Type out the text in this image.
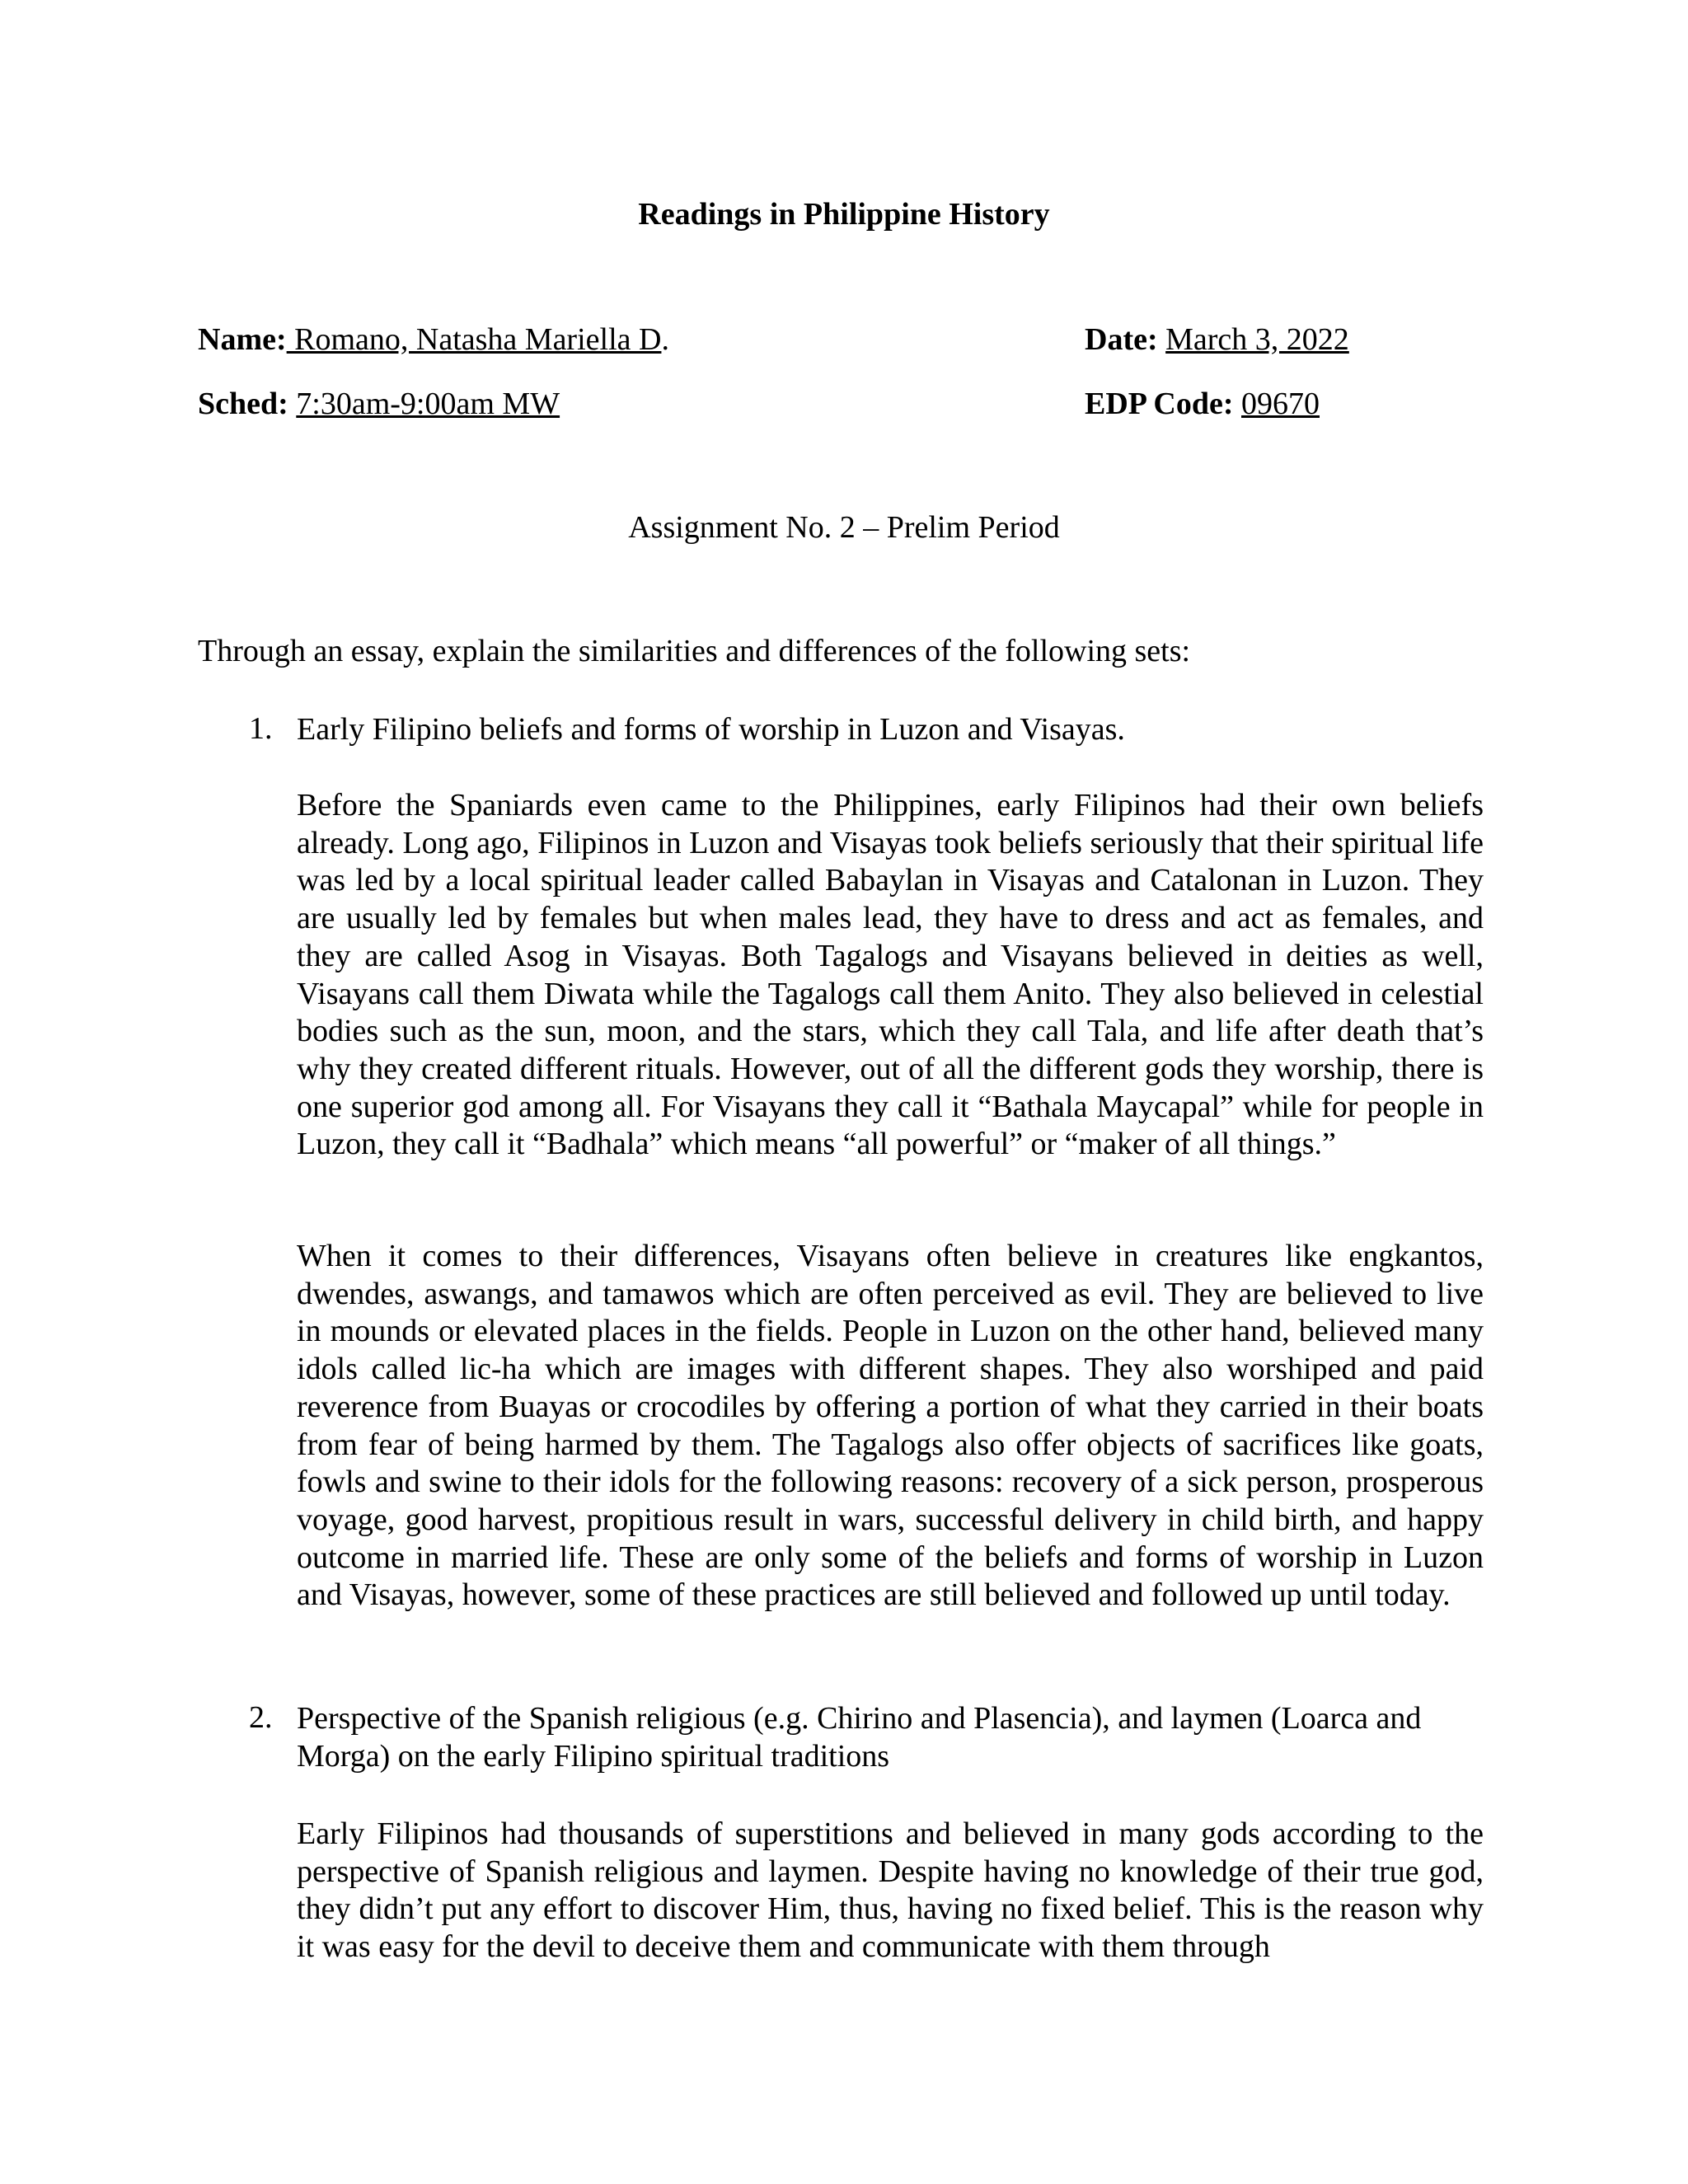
Readings in Philippine History
Name: Romano, Natasha Mariella D.	Date: March 3, 2022
Sched: 7:30am-9:00am MW	EDP Code: 09670
Assignment No. 2 – Prelim Period
Through an essay, explain the similarities and differences of the following sets:
1. Early Filipino beliefs and forms of worship in Luzon and Visayas.
Before the Spaniards even came to the Philippines, early Filipinos had their own beliefs already. Long ago, Filipinos in Luzon and Visayas took beliefs seriously that their spiritual life was led by a local spiritual leader called Babaylan in Visayas and Catalonan in Luzon. They are usually led by females but when males lead, they have to dress and act as females, and they are called Asog in Visayas. Both Tagalogs and Visayans believed in deities as well, Visayans call them Diwata while the Tagalogs call them Anito. They also believed in celestial bodies such as the sun, moon, and the stars, which they call Tala, and life after death that’s why they created different rituals. However, out of all the different gods they worship, there is one superior god among all. For Visayans they call it “Bathala Maycapal” while for people in Luzon, they call it “Badhala” which means “all powerful” or “maker of all things.”
When it comes to their differences, Visayans often believe in creatures like engkantos, dwendes, aswangs, and tamawos which are often perceived as evil. They are believed to live in mounds or elevated places in the fields. People in Luzon on the other hand, believed many idols called lic-ha which are images with different shapes. They also worshiped and paid reverence from Buayas or crocodiles by offering a portion of what they carried in their boats from fear of being harmed by them. The Tagalogs also offer objects of sacrifices like goats, fowls and swine to their idols for the following reasons: recovery of a sick person, prosperous voyage, good harvest, propitious result in wars, successful delivery in child birth, and happy outcome in married life. These are only some of the beliefs and forms of worship in Luzon and Visayas, however, some of these practices are still believed and followed up until today.
2. Perspective of the Spanish religious (e.g. Chirino and Plasencia), and laymen (Loarca and Morga) on the early Filipino spiritual traditions
Early Filipinos had thousands of superstitions and believed in many gods according to the perspective of Spanish religious and laymen. Despite having no knowledge of their true god, they didn’t put any effort to discover Him, thus, having no fixed belief. This is the reason why it was easy for the devil to deceive them and communicate with them through
